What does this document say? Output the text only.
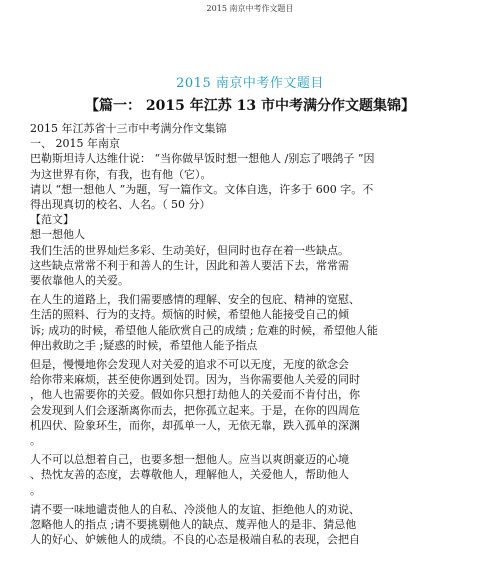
2015 南京中考作文题目
2015 南京中考作文题目
【篇一： 2015 年江苏 13 市中考满分作文题集锦】
2015 年江苏省十三市中考满分作文集锦
一、 2015 年南京
巴勒斯坦诗人达维什说： “当你做早饭时想一想他人 /别忘了喂鸽子 ”因
为这世界有你，有我，也有他（它）。
请以 “想一想他人 ”为题，写一篇作文。文体自选，许多于 600 字。不
得出现真切的校名、人名。（ 50 分）
【范文】
想一想他人
我们生活的世界灿烂多彩、生动美好，但同时也存在着一些缺点。
这些缺点常常不利于和善人的生计，因此和善人要活下去，常常需
要依靠他人的关爱。
在人生的道路上，我们需要感情的理解、安全的包庇、精神的宽慰、
生活的照料、行为的支持。烦恼的时候，希望他人能接受自己的倾
诉; 成功的时候，希望他人能欣赏自己的成绩 ; 危难的时候，希望他人能
伸出救助之手 ;疑惑的时候，希望他人能予指点
但是，慢慢地你会发现人对关爱的追求不可以无度，无度的欲念会
给你带来麻烦，甚至使你遇到处罚。因为，当你需要他人关爱的同时
，他人也需要你的关爱。假如你只想打劫他人的关爱而不肯付出，你
会发现到人们会逐渐离你而去，把你孤立起来。于是，在你的四周危
机四伏、险象环生，而你，却孤单一人，无依无靠，跌入孤单的深渊
。
人不可以总想着自己，也要多想一想他人。应当以爽朗豪迈的心境
、热忱友善的态度，去尊敬他人，理解他人，关爱他人，帮助他人
。
请不要一味地谴责他人的自私、冷淡他人的友谊、拒绝他人的劝说、
忽略他人的指点 ;请不要挑剔他人的缺点、蔑弄他人的是非、猜忌他
人的好心、妒嫉他人的成绩。不良的心态是极端自私的表现，会把自
